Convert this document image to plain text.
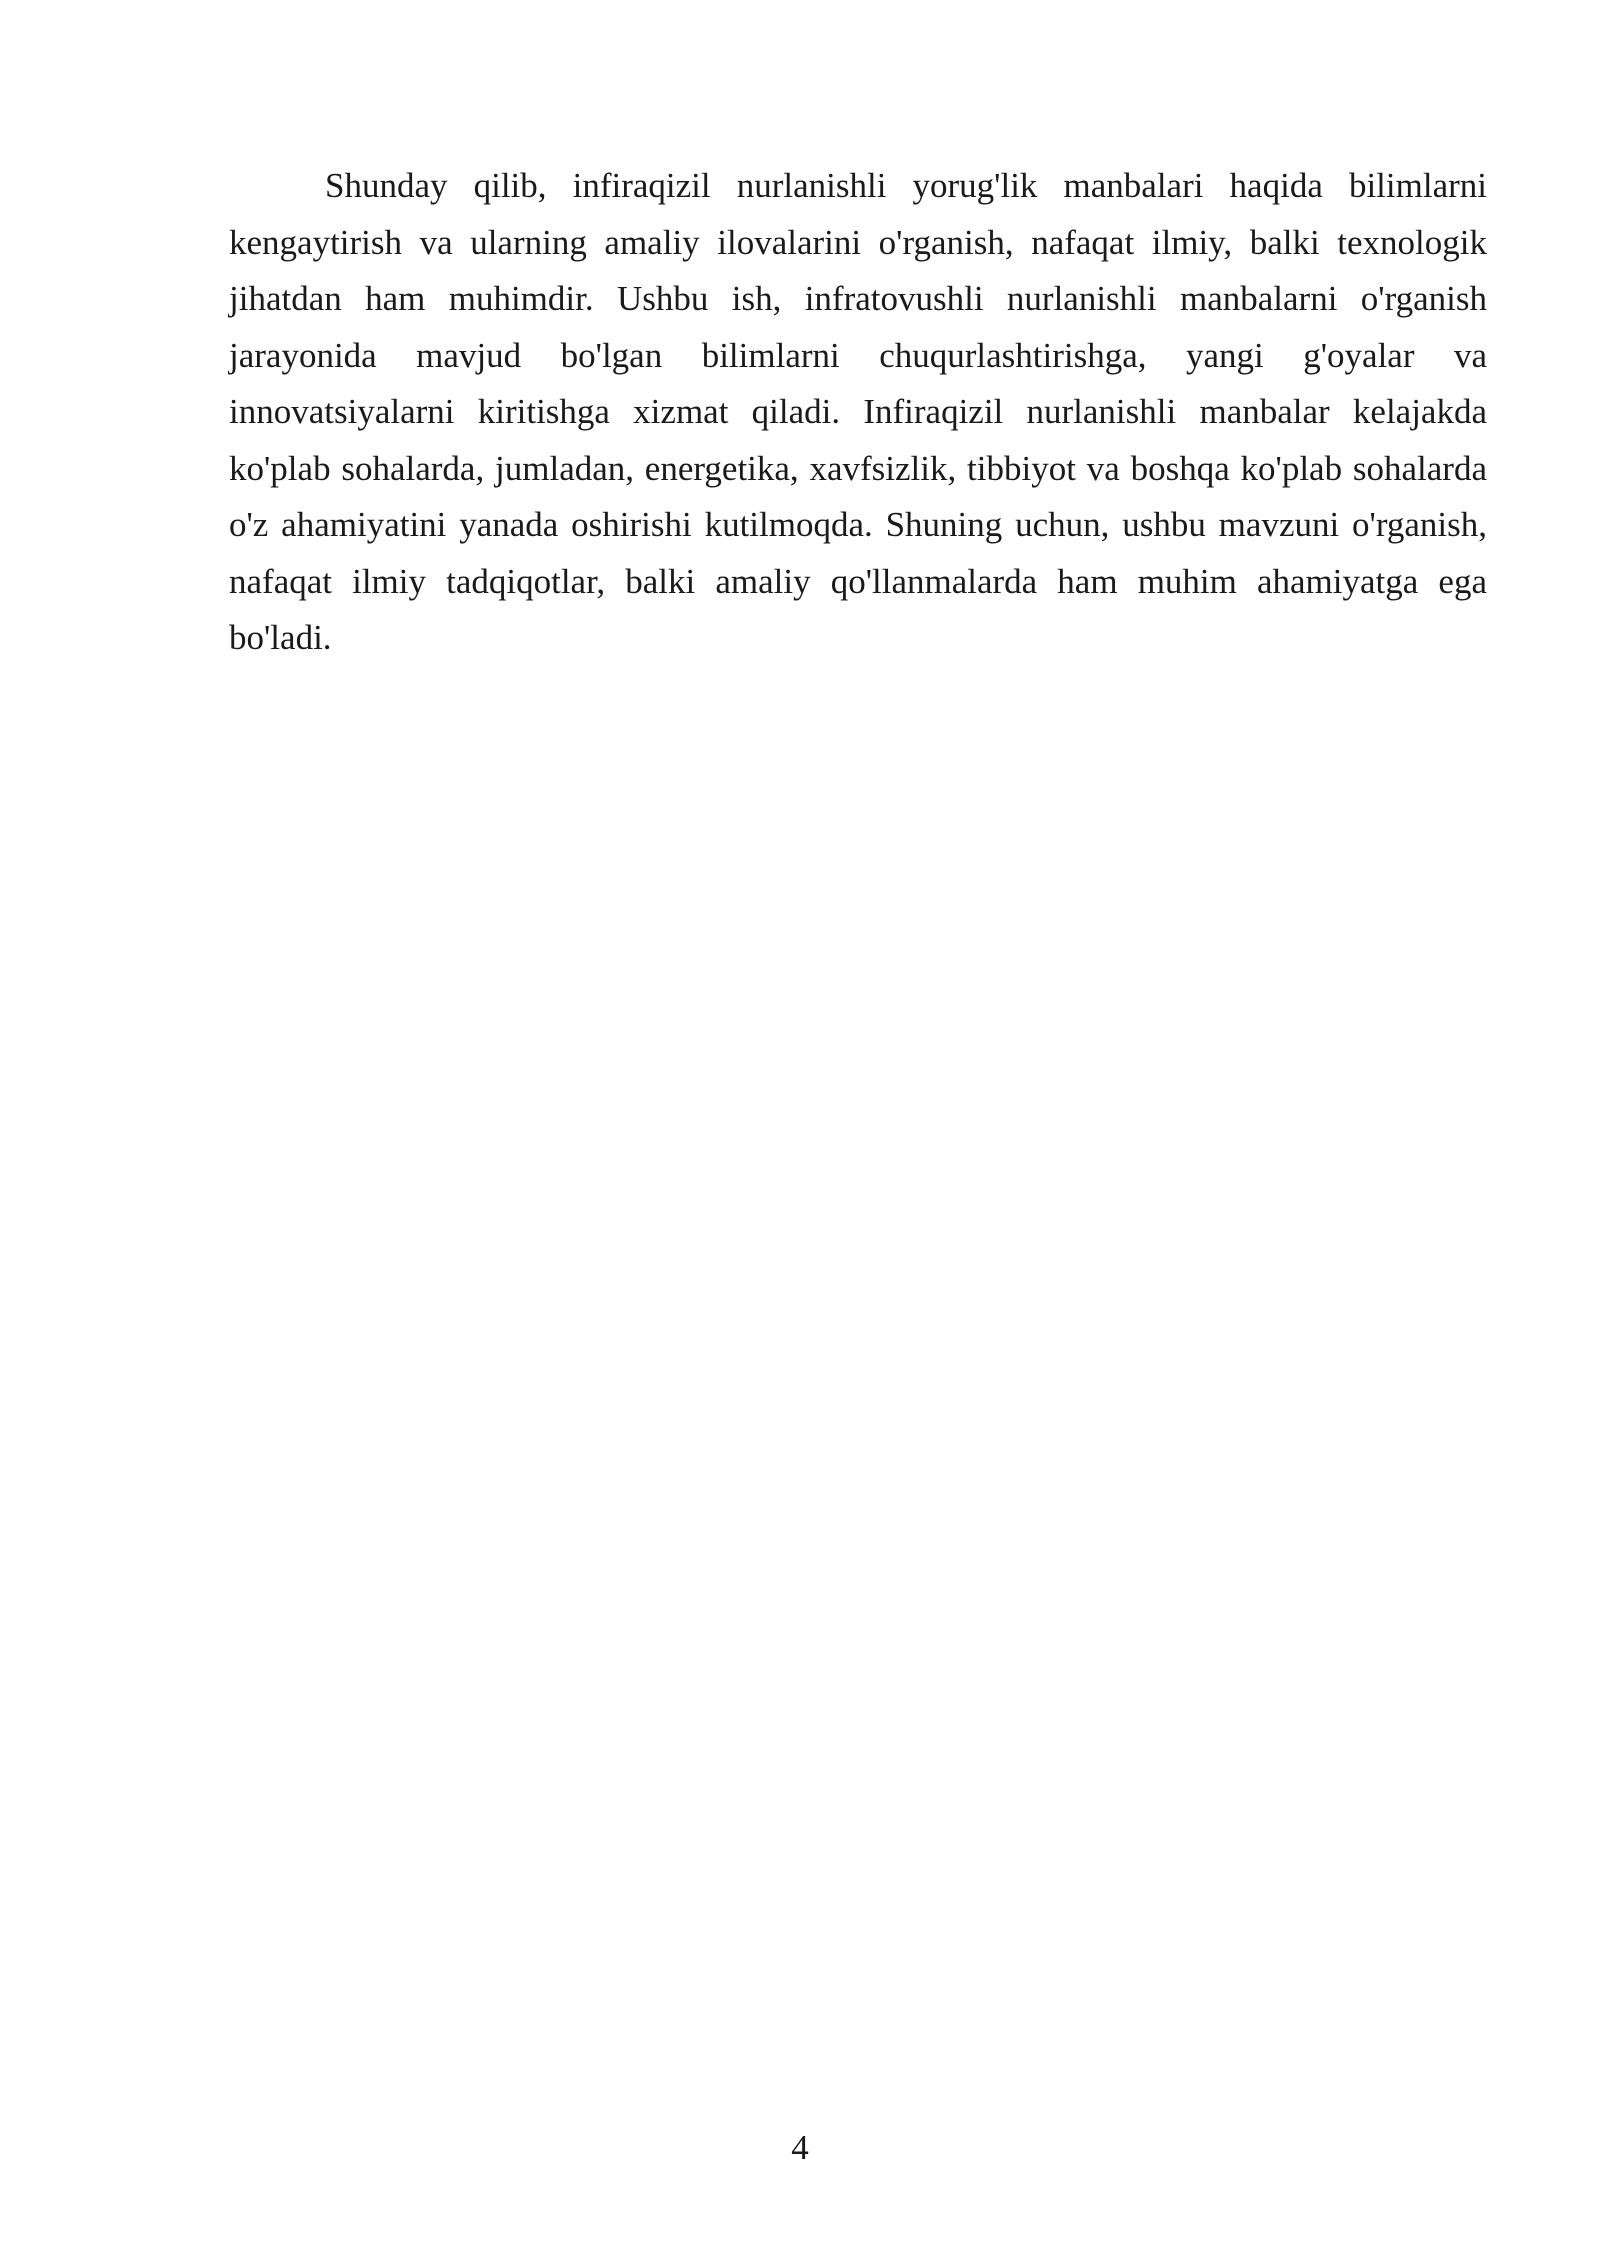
Shunday qilib, infiraqizil nurlanishli yorug'lik manbalari haqida bilimlarni kengaytirish va ularning amaliy ilovalarini o'rganish, nafaqat ilmiy, balki texnologik jihatdan ham muhimdir. Ushbu ish, infratovushli nurlanishli manbalarni o'rganish jarayonida mavjud bo'lgan bilimlarni chuqurlashtirishga, yangi g'oyalar va innovatsiyalarni kiritishga xizmat qiladi. Infiraqizil nurlanishli manbalar kelajakda ko'plab sohalarda, jumladan, energetika, xavfsizlik, tibbiyot va boshqa ko'plab sohalarda o'z ahamiyatini yanada oshirishi kutilmoqda. Shuning uchun, ushbu mavzuni o'rganish, nafaqat ilmiy tadqiqotlar, balki amaliy qo'llanmalarda ham muhim ahamiyatga ega bo'ladi.

4
